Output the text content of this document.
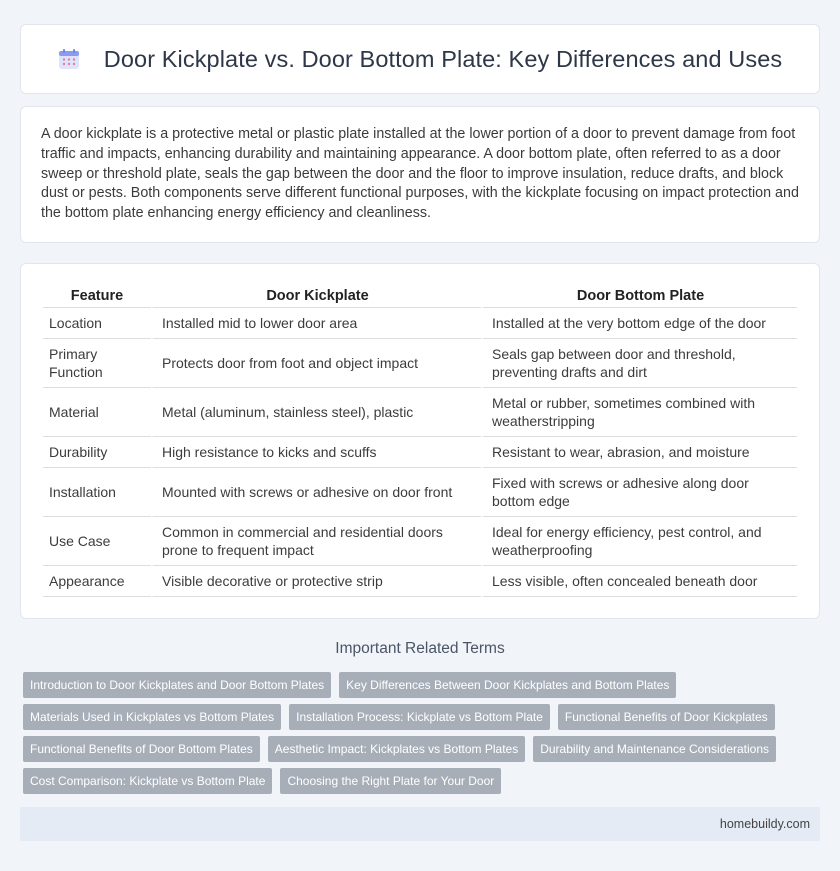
Door Kickplate vs. Door Bottom Plate: Key Differences and Uses

A door kickplate is a protective metal or plastic plate installed at the lower portion of a door to prevent damage from foot traffic and impacts, enhancing durability and maintaining appearance. A door bottom plate, often referred to as a door sweep or threshold plate, seals the gap between the door and the floor to improve insulation, reduce drafts, and block dust or pests. Both components serve different functional purposes, with the kickplate focusing on impact protection and the bottom plate enhancing energy efficiency and cleanliness.

Feature	Door Kickplate	Door Bottom Plate
Location	Installed mid to lower door area	Installed at the very bottom edge of the door
Primary Function	Protects door from foot and object impact	Seals gap between door and threshold, preventing drafts and dirt
Material	Metal (aluminum, stainless steel), plastic	Metal or rubber, sometimes combined with weatherstripping
Durability	High resistance to kicks and scuffs	Resistant to wear, abrasion, and moisture
Installation	Mounted with screws or adhesive on door front	Fixed with screws or adhesive along door bottom edge
Use Case	Common in commercial and residential doors prone to frequent impact	Ideal for energy efficiency, pest control, and weatherproofing
Appearance	Visible decorative or protective strip	Less visible, often concealed beneath door
Important Related Terms
Introduction to Door Kickplates and Door Bottom Plates	Key Differences Between Door Kickplates and Bottom Plates
Materials Used in Kickplates vs Bottom Plates	Installation Process: Kickplate vs Bottom Plate	Functional Benefits of Door Kickplates
Functional Benefits of Door Bottom Plates	Aesthetic Impact: Kickplates vs Bottom Plates	Durability and Maintenance Considerations
Cost Comparison: Kickplate vs Bottom Plate	Choosing the Right Plate for Your Door
homebuildy.com
